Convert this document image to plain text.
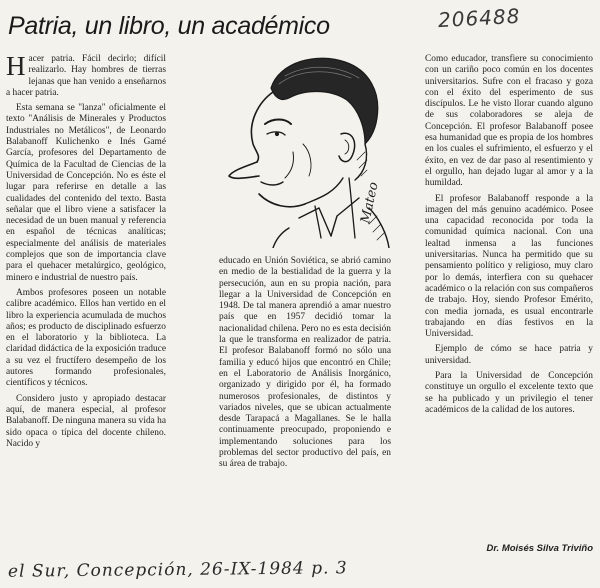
206488
Patria, un libro, un académico

Hacer patria. Fácil decirlo; difícil realizarlo. Hay hombres de tierras lejanas que han venido a enseñarnos a hacer patria.

Esta semana se "lanza" oficialmente el texto "Análisis de Minerales y Productos Industriales no Metálicos", de Leonardo Balabanoff Kulichenko e Inés Gamé García, profesores del Departamento de Química de la Facultad de Ciencias de la Universidad de Concepción. No es éste el lugar para referirse en detalle a las cualidades del contenido del texto. Basta señalar que el libro viene a satisfacer la necesidad de un buen manual y referencia en español de técnicas analíticas; especialmente del análisis de materiales complejos que son de importancia clave para el quehacer metalúrgico, geológico, minero e industrial de nuestro país.

Ambos profesores poseen un notable calibre académico. Ellos han vertido en el libro la experiencia acumulada de muchos años; es producto de disciplinado esfuerzo en el laboratorio y la biblioteca. La claridad didáctica de la exposición traduce a su vez el fructífero desempeño de los autores formando profesionales, científicos y técnicos.

Considero justo y apropiado destacar aquí, de manera especial, al profesor Balabanoff. De ninguna manera su vida ha sido opaca o típica del docente chileno. Nacido y

Mateo

educado en Unión Soviética, se abrió camino en medio de la bestialidad de la guerra y la persecución, aun en su propia nación, para llegar a la Universidad de Concepción en 1948. De tal manera aprendió a amar nuestro país que en 1957 decidió tomar la nacionalidad chilena. Pero no es esta decisión la que le transforma en realizador de patria. El profesor Balabanoff formó no sólo una familia y educó hijos que encontró en Chile; en el Laboratorio de Análisis Inorgánico, organizado y dirigido por él, ha formado numerosos profesionales, de distintos y variados niveles, que se ubican actualmente desde Tarapacá a Magallanes. Se le halla continuamente preocupado, proponiendo e implementando soluciones para los problemas del sector productivo del país, en su área de trabajo.

Como educador, transfiere su conocimiento con un cariño poco común en los docentes universitarios. Sufre con el fracaso y goza con el éxito del esperimento de sus discípulos. Le he visto llorar cuando alguno de sus colaboradores se aleja de Concepción. El profesor Balabanoff posee esa humanidad que es propia de los hombres en los cuales el sufrimiento, el esfuerzo y el éxito, en vez de dar paso al resentimiento y el orgullo, han dejado lugar al amor y a la humildad.

El profesor Balabanoff responde a la imagen del más genuino académico. Posee una capacidad reconocida por toda la comunidad química nacional. Con una lealtad inmensa a las funciones universitarias. Nunca ha permitido que su pensamiento político y religioso, muy claro por lo demás, interfiera con su quehacer académico o la relación con sus compañeros de trabajo. Hoy, siendo Profesor Emérito, con media jornada, es usual encontrarle trabajando en días festivos en la Universidad.

Ejemplo de cómo se hace patria y universidad.

Para la Universidad de Concepción constituye un orgullo el excelente texto que se ha publicado y un privilegio el tener académicos de la calidad de los autores.

Dr. Moisés Silva Triviño
el Sur, Concepción, 26-IX-1984 p. 3
